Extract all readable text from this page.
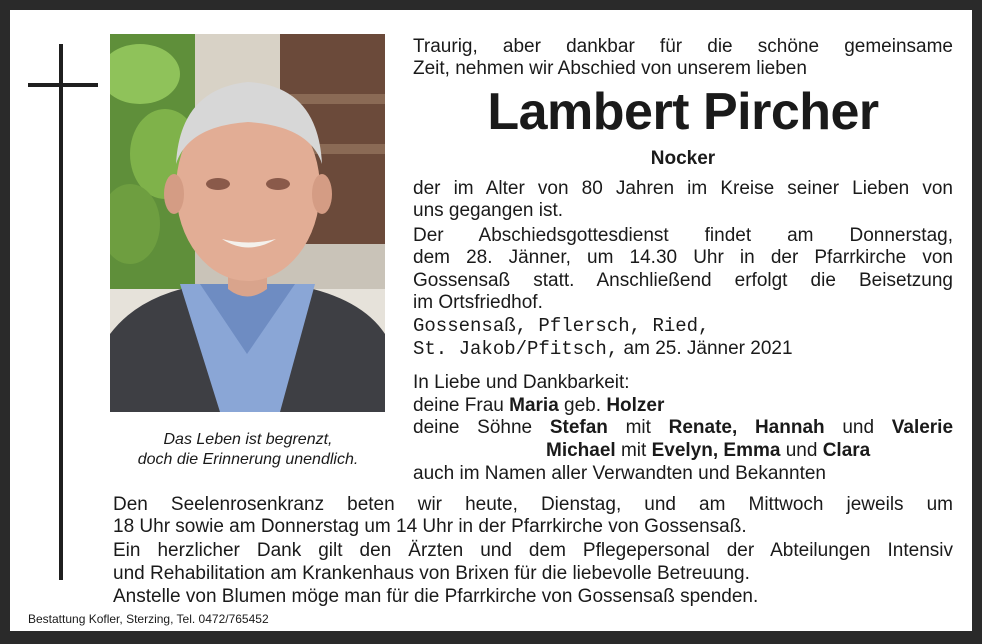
Das Leben ist begrenzt,
doch die Erinnerung unendlich.
Traurig, aber dankbar für die schöne gemeinsame
Zeit, nehmen wir Abschied von unserem lieben
Lambert Pircher
Nocker
der im Alter von 80 Jahren im Kreise seiner Lieben von
uns gegangen ist.
Der Abschiedsgottesdienst findet am Donnerstag,
dem 28. Jänner, um 14.30 Uhr in der Pfarrkirche von
Gossensaß statt. Anschließend erfolgt die Beisetzung
im Ortsfriedhof.
Gossensaß, Pflersch, Ried,
St. Jakob/Pfitsch, am 25. Jänner 2021
In Liebe und Dankbarkeit:
deine Frau Maria geb. Holzer
deine Söhne Stefan mit Renate, Hannah und Valerie
Michael mit Evelyn, Emma und Clara
auch im Namen aller Verwandten und Bekannten
Den Seelenrosenkranz beten wir heute, Dienstag, und am Mittwoch jeweils um
18 Uhr sowie am Donnerstag um 14 Uhr in der Pfarrkirche von Gossensaß.
Ein herzlicher Dank gilt den Ärzten und dem Pflegepersonal der Abteilungen Intensiv
und Rehabilitation am Krankenhaus von Brixen für die liebevolle Betreuung.
Anstelle von Blumen möge man für die Pfarrkirche von Gossensaß spenden.
Bestattung Kofler, Sterzing, Tel. 0472/765452
